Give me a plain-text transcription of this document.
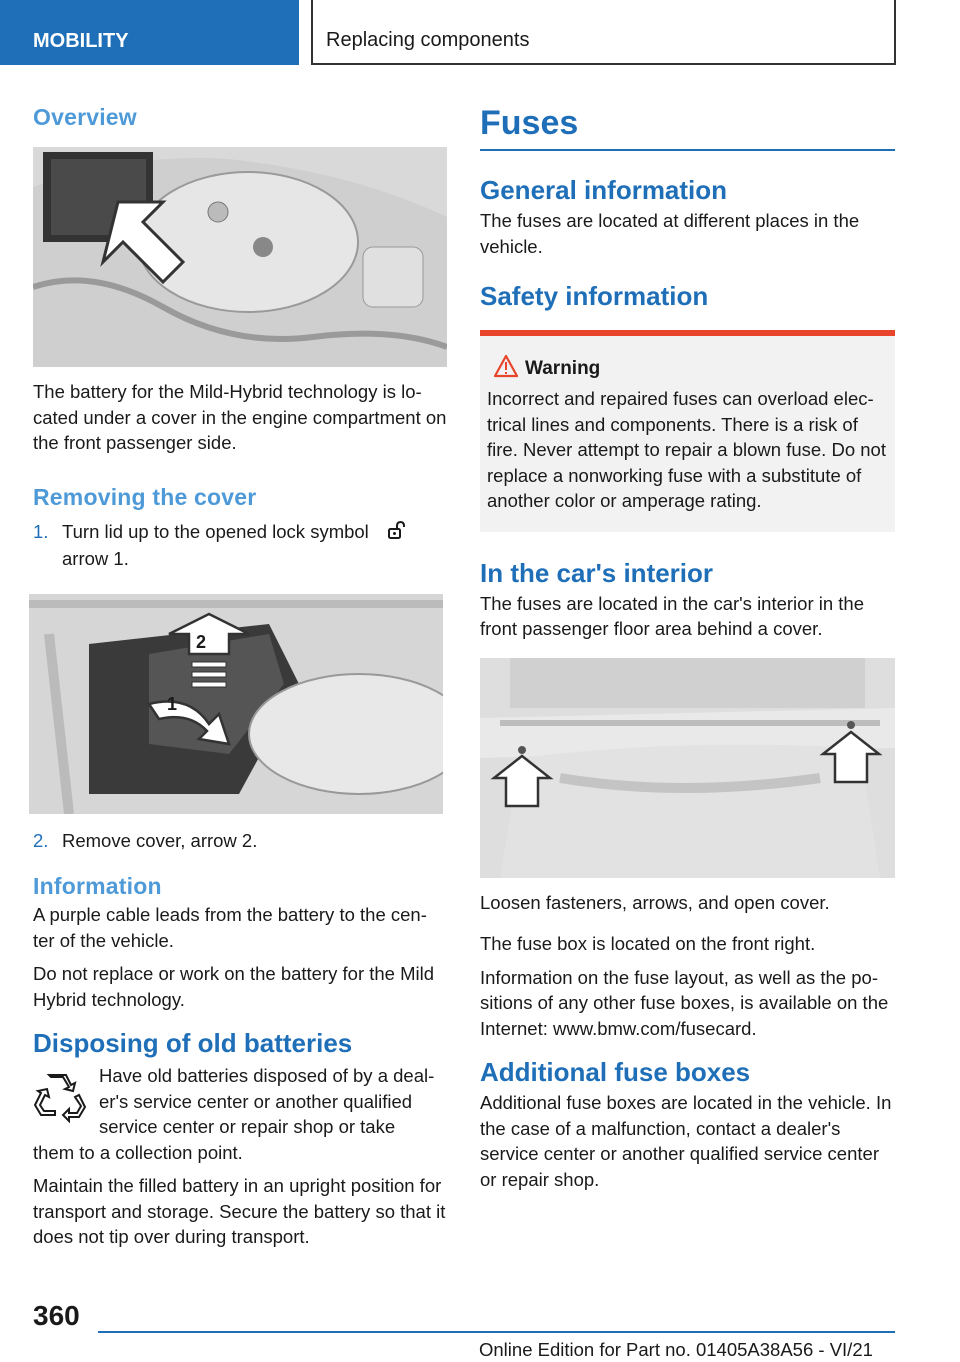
MOBILITY	Replacing components
Overview
The battery for the Mild-Hybrid technology is lo-cated under a cover in the engine compartment on the front passenger side.
Removing the cover
1. Turn lid up to the opened lock symbol
arrow 1.
2
1
2. Remove cover, arrow 2.
Information
A purple cable leads from the battery to the cen-ter of the vehicle.
Do not replace or work on the battery for the Mild Hybrid technology.
Disposing of old batteries
Have old batteries disposed of by a deal-
er's service center or another qualified
service center or repair shop or take
them to a collection point.
Maintain the filled battery in an upright position for transport and storage. Secure the battery so that it does not tip over during transport.
Fuses
General information
The fuses are located at different places in the vehicle.
Safety information
Warning
Incorrect and repaired fuses can overload elec-trical lines and components. There is a risk of fire. Never attempt to repair a blown fuse. Do not replace a nonworking fuse with a substitute of another color or amperage rating.
In the car's interior
The fuses are located in the car's interior in the front passenger floor area behind a cover.
Loosen fasteners, arrows, and open cover.
The fuse box is located on the front right.
Information on the fuse layout, as well as the po-sitions of any other fuse boxes, is available on the Internet: www.bmw.com/fusecard.
Additional fuse boxes
Additional fuse boxes are located in the vehicle. In the case of a malfunction, contact a dealer's service center or another qualified service center or repair shop.
360
Online Edition for Part no. 01405A38A56 - VI/21
